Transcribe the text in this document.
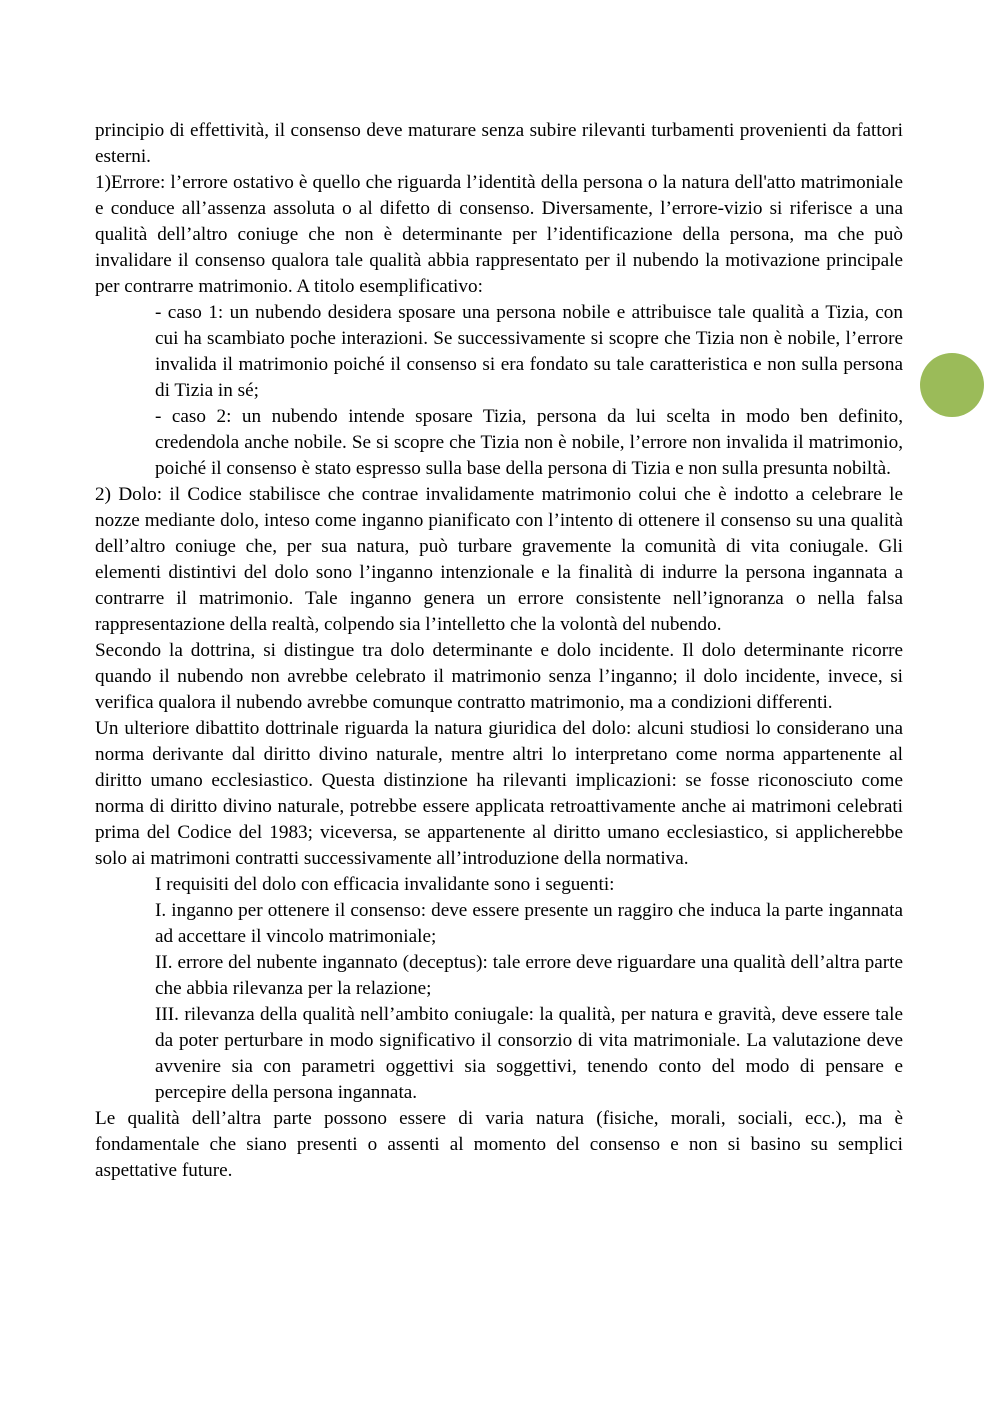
principio di effettività, il consenso deve maturare senza subire rilevanti turbamenti provenienti da fattori esterni.

1)Errore: l’errore ostativo è quello che riguarda l’identità della persona o la natura dell'atto matrimoniale e conduce all’assenza assoluta o al difetto di consenso. Diversamente, l’errore-vizio si riferisce a una qualità dell’altro coniuge che non è determinante per l’identificazione della persona, ma che può invalidare il consenso qualora tale qualità abbia rappresentato per il nubendo la motivazione principale per contrarre matrimonio. A titolo esemplificativo:

- caso 1: un nubendo desidera sposare una persona nobile e attribuisce tale qualità a Tizia, con cui ha scambiato poche interazioni. Se successivamente si scopre che Tizia non è nobile, l’errore invalida il matrimonio poiché il consenso si era fondato su tale caratteristica e non sulla persona di Tizia in sé;

- caso 2: un nubendo intende sposare Tizia, persona da lui scelta in modo ben definito, credendola anche nobile. Se si scopre che Tizia non è nobile, l’errore non invalida il matrimonio, poiché il consenso è stato espresso sulla base della persona di Tizia e non sulla presunta nobiltà.

2) Dolo: il Codice stabilisce che contrae invalidamente matrimonio colui che è indotto a celebrare le nozze mediante dolo, inteso come inganno pianificato con l’intento di ottenere il consenso su una qualità dell’altro coniuge che, per sua natura, può turbare gravemente la comunità di vita coniugale. Gli elementi distintivi del dolo sono l’inganno intenzionale e la finalità di indurre la persona ingannata a contrarre il matrimonio. Tale inganno genera un errore consistente nell’ignoranza o nella falsa rappresentazione della realtà, colpendo sia l’intelletto che la volontà del nubendo.

Secondo la dottrina, si distingue tra dolo determinante e dolo incidente. Il dolo determinante ricorre quando il nubendo non avrebbe celebrato il matrimonio senza l’inganno; il dolo incidente, invece, si verifica qualora il nubendo avrebbe comunque contratto matrimonio, ma a condizioni differenti.

Un ulteriore dibattito dottrinale riguarda la natura giuridica del dolo: alcuni studiosi lo considerano una norma derivante dal diritto divino naturale, mentre altri lo interpretano come norma appartenente al diritto umano ecclesiastico. Questa distinzione ha rilevanti implicazioni: se fosse riconosciuto come norma di diritto divino naturale, potrebbe essere applicata retroattivamente anche ai matrimoni celebrati prima del Codice del 1983; viceversa, se appartenente al diritto umano ecclesiastico, si applicherebbe solo ai matrimoni contratti successivamente all’introduzione della normativa.

I requisiti del dolo con efficacia invalidante sono i seguenti:

I. inganno per ottenere il consenso: deve essere presente un raggiro che induca la parte ingannata ad accettare il vincolo matrimoniale;

II. errore del nubente ingannato (deceptus): tale errore deve riguardare una qualità dell’altra parte che abbia rilevanza per la relazione;

III. rilevanza della qualità nell’ambito coniugale: la qualità, per natura e gravità, deve essere tale da poter perturbare in modo significativo il consorzio di vita matrimoniale. La valutazione deve avvenire sia con parametri oggettivi sia soggettivi, tenendo conto del modo di pensare e percepire della persona ingannata.

Le qualità dell’altra parte possono essere di varia natura (fisiche, morali, sociali, ecc.), ma è fondamentale che siano presenti o assenti al momento del consenso e non si basino su semplici aspettative future.
